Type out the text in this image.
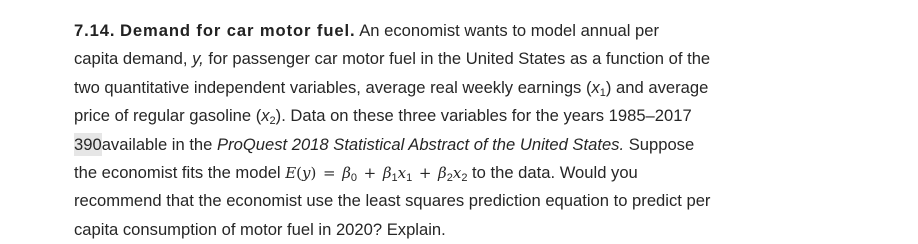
7.14. Demand for car motor fuel. An economist wants to model annual per
capita demand, y, for passenger car motor fuel in the United States as a function of the
two quantitative independent variables, average real weekly earnings $(x_1)$ and average
price of regular gasoline $(x_2)$. Data on these three variables for the years 1985–2017
390available in the ProQuest 2018 Statistical Abstract of the United States. Suppose
the economist fits the model $E(y) = \beta_0 + \beta_1x_1 + \beta_2x_2$ to the data. Would you
recommend that the economist use the least squares prediction equation to predict per
capita consumption of motor fuel in 2020? Explain.
